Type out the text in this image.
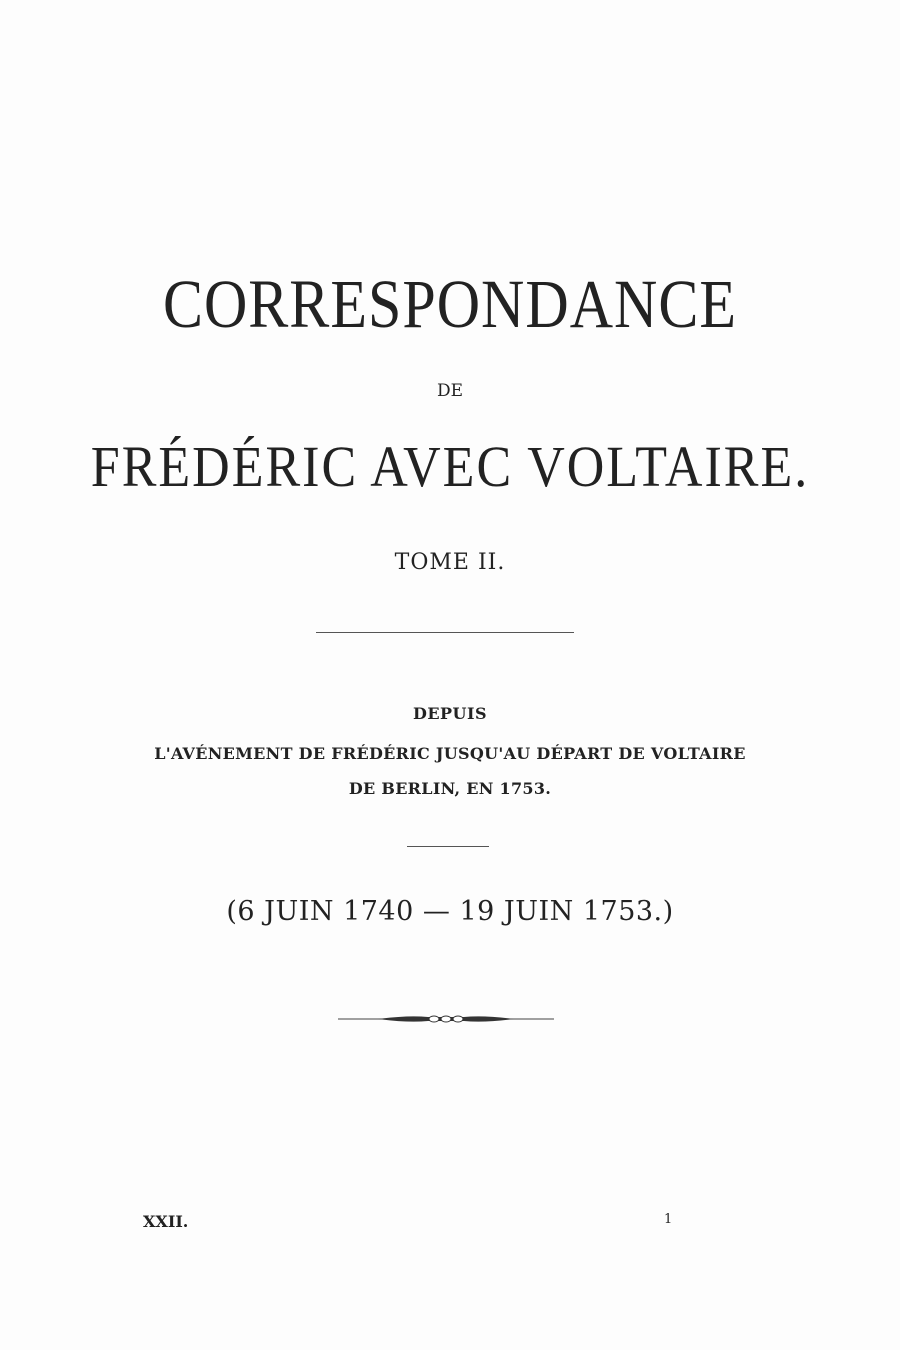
CORRESPONDANCE
DE
FRÉDÉRIC AVEC VOLTAIRE.
TOME II.
DEPUIS
L'AVÉNEMENT DE FRÉDÉRIC JUSQU'AU DÉPART DE VOLTAIRE
DE BERLIN, EN 1753.
(6 JUIN 1740 — 19 JUIN 1753.)
XXII.	1
